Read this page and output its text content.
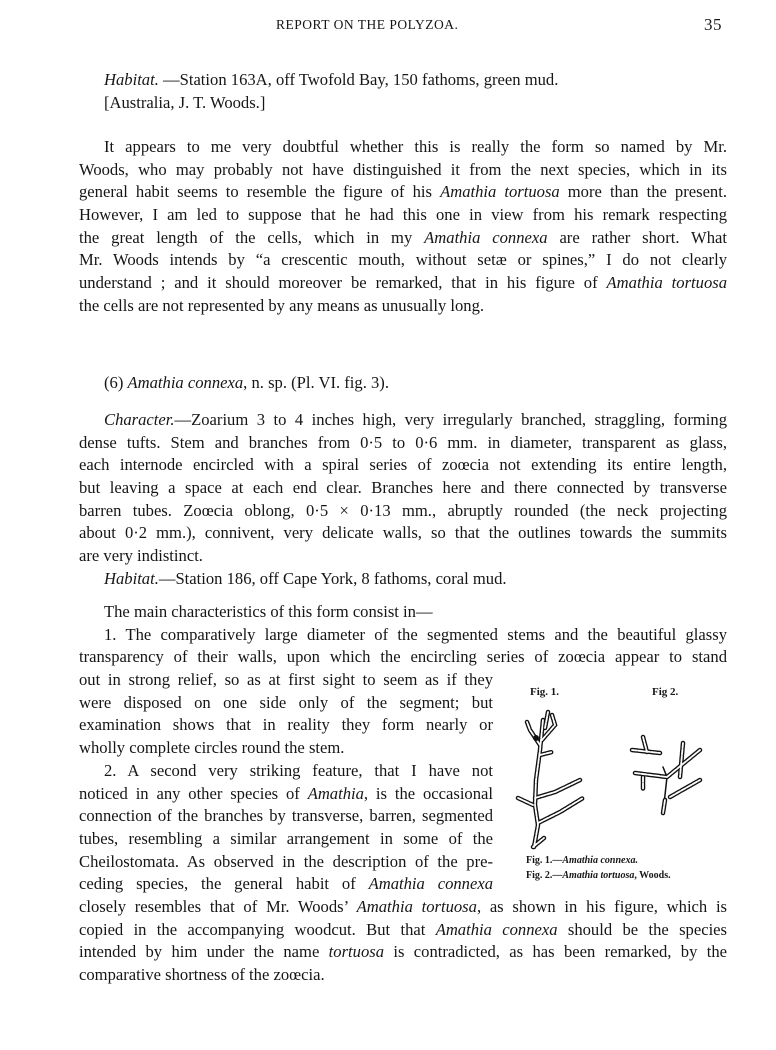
REPORT ON THE POLYZOA.	35
Habitat. —Station 163A, off Twofold Bay, 150 fathoms, green mud.
[Australia, J. T. Woods.]
It appears to me very doubtful whether this is really the form so named by Mr.
Woods, who may probably not have distinguished it from the next species, which in its
general habit seems to resemble the figure of his Amathia tortuosa more than the present.
However, I am led to suppose that he had this one in view from his remark respecting
the great length of the cells, which in my Amathia connexa are rather short. What
Mr. Woods intends by “a crescentic mouth, without setæ or spines,” I do not clearly
understand ; and it should moreover be remarked, that in his figure of Amathia tortuosa
the cells are not represented by any means as unusually long.
(6) Amathia connexa, n. sp. (Pl. VI. fig. 3).
Character.—Zoarium 3 to 4 inches high, very irregularly branched, straggling, forming
dense tufts. Stem and branches from 0·5 to 0·6 mm. in diameter, transparent as glass,
each internode encircled with a spiral series of zoœcia not extending its entire length,
but leaving a space at each end clear. Branches here and there connected by transverse
barren tubes. Zoœcia oblong, 0·5 × 0·13 mm., abruptly rounded (the neck projecting
about 0·2 mm.), connivent, very delicate walls, so that the outlines towards the summits
are very indistinct.
Habitat.—Station 186, off Cape York, 8 fathoms, coral mud.
The main characteristics of this form consist in—
1. The comparatively large diameter of the segmented stems and the beautiful glassy
transparency of their walls, upon which the encircling series of zoœcia appear to stand
out in strong relief, so as at first sight to seem as if they
were disposed on one side only of the segment; but
examination shows that in reality they form nearly or
wholly complete circles round the stem.
2. A second very striking feature, that I have not
noticed in any other species of Amathia, is the occasional
connection of the branches by transverse, barren, segmented
tubes, resembling a similar arrangement in some of the
Cheilostomata. As observed in the description of the pre-
ceding species, the general habit of Amathia connexa
closely resembles that of Mr. Woods’ Amathia tortuosa, as shown in his figure, which is
copied in the accompanying woodcut. But that Amathia connexa should be the species
intended by him under the name tortuosa is contradicted, as has been remarked, by the
comparative shortness of the zoœcia.
Fig. 1.	Fig 2.
Fig. 1.—Amathia connexa.
Fig. 2.—Amathia tortuosa, Woods.
